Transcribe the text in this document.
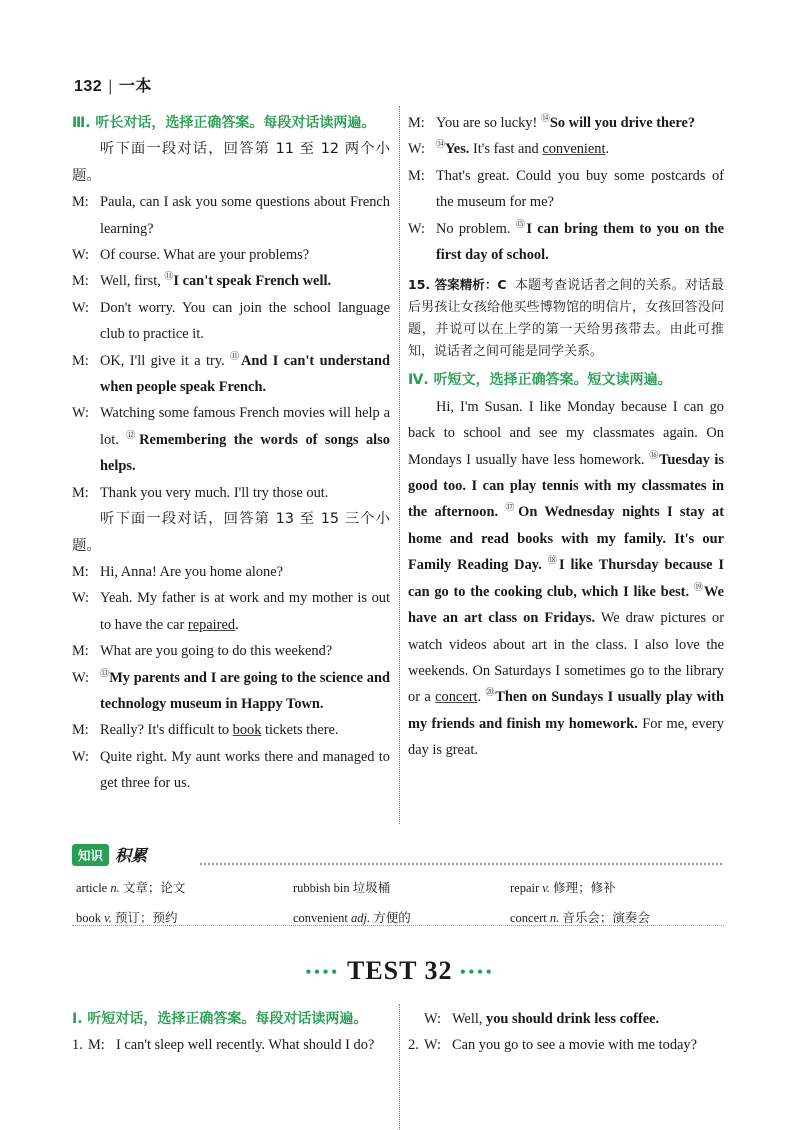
132 | 一本
Ⅲ. 听长对话，选择正确答案。每段对话读两遍。
听下面一段对话，回答第 11 至 12 两个小题。
M: Paula, can I ask you some questions about French learning?
W: Of course. What are your problems?
M: Well, first, ⑪I can't speak French well.
W: Don't worry. You can join the school language club to practice it.
M: OK, I'll give it a try. ⑪And I can't understand when people speak French.
W: Watching some famous French movies will help a lot. ⑫Remembering the words of songs also helps.
M: Thank you very much. I'll try those out.
听下面一段对话，回答第 13 至 15 三个小题。
M: Hi, Anna! Are you home alone?
W: Yeah. My father is at work and my mother is out to have the car repaired.
M: What are you going to do this weekend?
W:	⑬My parents and I are going to the science and technology museum in Happy Town.
M: Really? It's difficult to book tickets there.
W: Quite right. My aunt works there and managed to get three for us.
M: You are so lucky! ⑭So will you drive there?
W:	⑭Yes. It's fast and convenient.
M: That's great. Could you buy some postcards of the museum for me?
W: No problem. ⑮I can bring them to you on the first day of school.
15. 答案精析：C 本题考查说话者之间的关系。对话最后男孩让女孩给他买些博物馆的明信片，女孩回答没问题，并说可以在上学的第一天给男孩带去。由此可推知，说话者之间可能是同学关系。
Ⅳ. 听短文，选择正确答案。短文读两遍。
Hi, I'm Susan. I like Monday because I can go back to school and see my classmates again. On Mondays I usually have less homework. ⑯Tuesday is good too. I can play tennis with my classmates in the afternoon. ⑰On Wednesday nights I stay at home and read books with my family. It's our Family Reading Day. ⑱I like Thursday because I can go to the cooking club, which I like best. ⑲We have an art class on Fridays. We draw pictures or watch videos about art in the class. I also love the weekends. On Saturdays I sometimes go to the library or a concert. ⑳Then on Sundays I usually play with my friends and finish my homework. For me, every day is great.
知识 积累
article n. 文章；论文	rubbish bin 垃圾桶	repair v. 修理；修补
book v. 预订；预约	convenient adj. 方便的	concert n. 音乐会；演奏会
•••• TEST 32 ••••
Ⅰ. 听短对话，选择正确答案。每段对话读两遍。
1. M: I can't sleep well recently. What should I do?
W: Well, you should drink less coffee.
2. W: Can you go to see a movie with me today?
